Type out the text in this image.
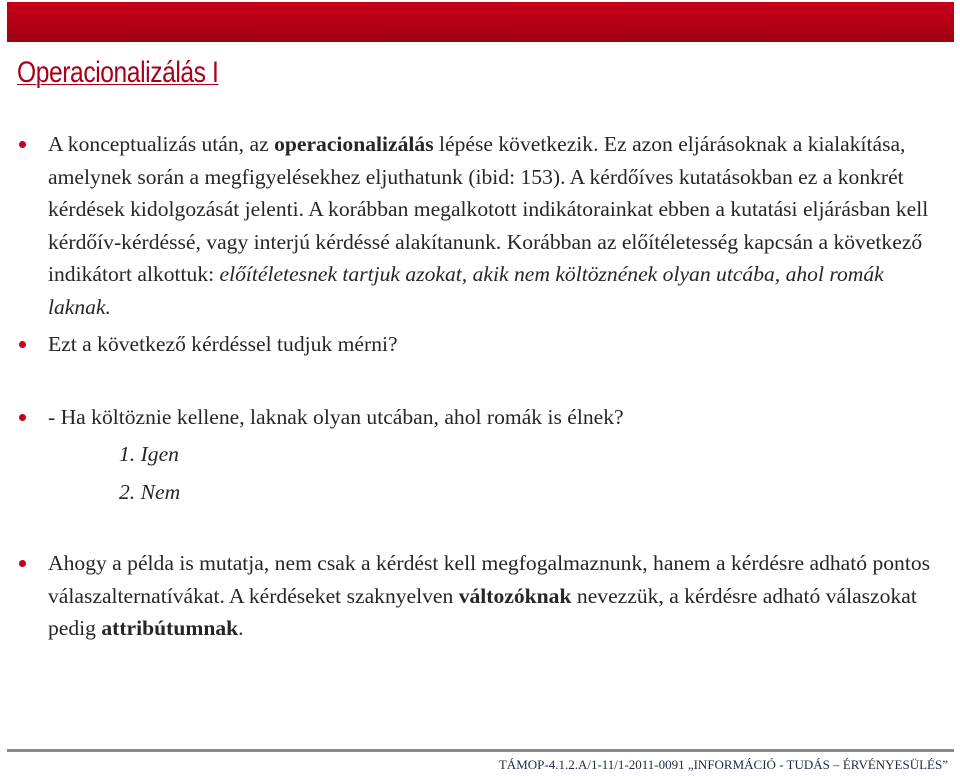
Operacionalizálás I
A konceptualizás után, az operacionalizálás lépése következik. Ez azon eljárásoknak a kialakítása, amelynek során a megfigyelésekhez eljuthatunk (ibid: 153). A kérdőíves kutatásokban ez a konkrét kérdések kidolgozását jelenti. A korábban megalkotott indikátorainkat ebben a kutatási eljárásban kell kérdőív-kérdéssé, vagy interjú kérdéssé alakítanunk. Korábban az előítéletesség kapcsán a következő indikátort alkottuk: előítéletesnek tartjuk azokat, akik nem költöznének olyan utcába, ahol romák laknak.
Ezt a következő kérdéssel tudjuk mérni?
- Ha költöznie kellene, laknak olyan utcában, ahol romák is élnek?
1. Igen
2. Nem
Ahogy a példa is mutatja, nem csak a kérdést kell megfogalmaznunk, hanem a kérdésre adható pontos válaszalternatívákat. A kérdéseket szaknyelven változóknak nevezzük, a kérdésre adható válaszokat pedig attribútumnak.
TÁMOP-4.1.2.A/1-11/1-2011-0091 „INFORMÁCIÓ - TUDÁS – ÉRVÉNYESÜLÉS”
